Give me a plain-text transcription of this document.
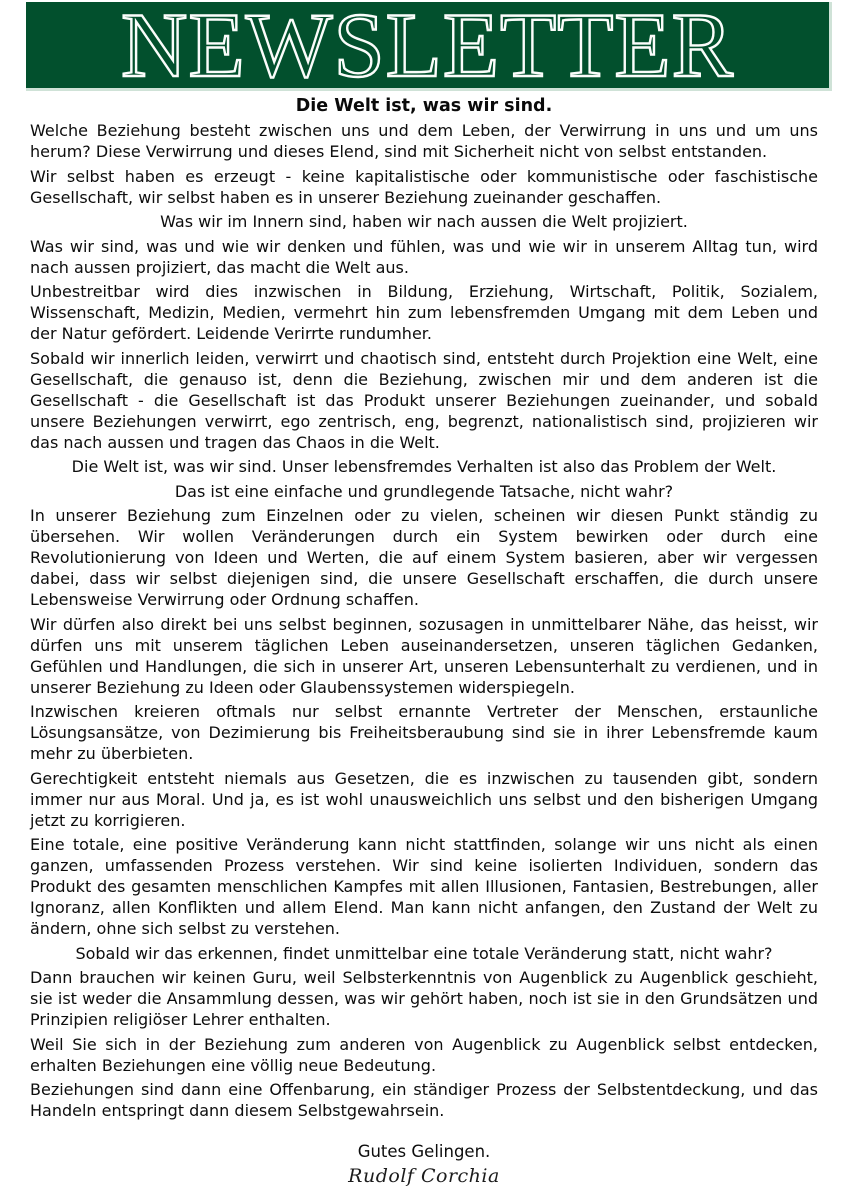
NEWSLETTER
Die Welt ist, was wir sind.

Welche Beziehung besteht zwischen uns und dem Leben, der Verwirrung in uns und um uns herum? Diese Verwirrung und dieses Elend, sind mit Sicherheit nicht von selbst entstanden.

Wir selbst haben es erzeugt - keine kapitalistische oder kommunistische oder faschistische Gesellschaft, wir selbst haben es in unserer Beziehung zueinander geschaffen.

Was wir im Innern sind, haben wir nach aussen die Welt projiziert.

Was wir sind, was und wie wir denken und fühlen, was und wie wir in unserem Alltag tun, wird nach aussen projiziert, das macht die Welt aus.

Unbestreitbar wird dies inzwischen in Bildung, Erziehung, Wirtschaft, Politik, Sozialem, Wissenschaft, Medizin, Medien, vermehrt hin zum lebensfremden Umgang mit dem Leben und der Natur gefördert. Leidende Verirrte rundumher.

Sobald wir innerlich leiden, verwirrt und chaotisch sind, entsteht durch Projektion eine Welt, eine Gesellschaft, die genauso ist, denn die Beziehung, zwischen mir und dem anderen ist die Gesellschaft - die Gesellschaft ist das Produkt unserer Beziehungen zueinander, und sobald unsere Beziehungen verwirrt, ego zentrisch, eng, begrenzt, nationalistisch sind, projizieren wir das nach aussen und tragen das Chaos in die Welt.

Die Welt ist, was wir sind. Unser lebensfremdes Verhalten ist also das Problem der Welt.

Das ist eine einfache und grundlegende Tatsache, nicht wahr?

In unserer Beziehung zum Einzelnen oder zu vielen, scheinen wir diesen Punkt ständig zu übersehen. Wir wollen Veränderungen durch ein System bewirken oder durch eine Revolutionierung von Ideen und Werten, die auf einem System basieren, aber wir vergessen dabei, dass wir selbst diejenigen sind, die unsere Gesellschaft erschaffen, die durch unsere Lebensweise Verwirrung oder Ordnung schaffen.

Wir dürfen also direkt bei uns selbst beginnen, sozusagen in unmittelbarer Nähe, das heisst, wir dürfen uns mit unserem täglichen Leben auseinandersetzen, unseren täglichen Gedanken, Gefühlen und Handlungen, die sich in unserer Art, unseren Lebensunterhalt zu verdienen, und in unserer Beziehung zu Ideen oder Glaubenssystemen widerspiegeln.

Inzwischen kreieren oftmals nur selbst ernannte Vertreter der Menschen, erstaunliche Lösungsansätze, von Dezimierung bis Freiheitsberaubung sind sie in ihrer Lebensfremde kaum mehr zu überbieten.

Gerechtigkeit entsteht niemals aus Gesetzen, die es inzwischen zu tausenden gibt, sondern immer nur aus Moral. Und ja, es ist wohl unausweichlich uns selbst und den bisherigen Umgang jetzt zu korrigieren.

Eine totale, eine positive Veränderung kann nicht stattfinden, solange wir uns nicht als einen ganzen, umfassenden Prozess verstehen. Wir sind keine isolierten Individuen, sondern das Produkt des gesamten menschlichen Kampfes mit allen Illusionen, Fantasien, Bestrebungen, aller Ignoranz, allen Konflikten und allem Elend. Man kann nicht anfangen, den Zustand der Welt zu ändern, ohne sich selbst zu verstehen.

Sobald wir das erkennen, findet unmittelbar eine totale Veränderung statt, nicht wahr?

Dann brauchen wir keinen Guru, weil Selbsterkenntnis von Augenblick zu Augenblick geschieht, sie ist weder die Ansammlung dessen, was wir gehört haben, noch ist sie in den Grundsätzen und Prinzipien religiöser Lehrer enthalten.

Weil Sie sich in der Beziehung zum anderen von Augenblick zu Augenblick selbst entdecken, erhalten Beziehungen eine völlig neue Bedeutung.

Beziehungen sind dann eine Offenbarung, ein ständiger Prozess der Selbstentdeckung, und das Handeln entspringt dann diesem Selbstgewahrsein.

Gutes Gelingen.

Rudolf Corchia
